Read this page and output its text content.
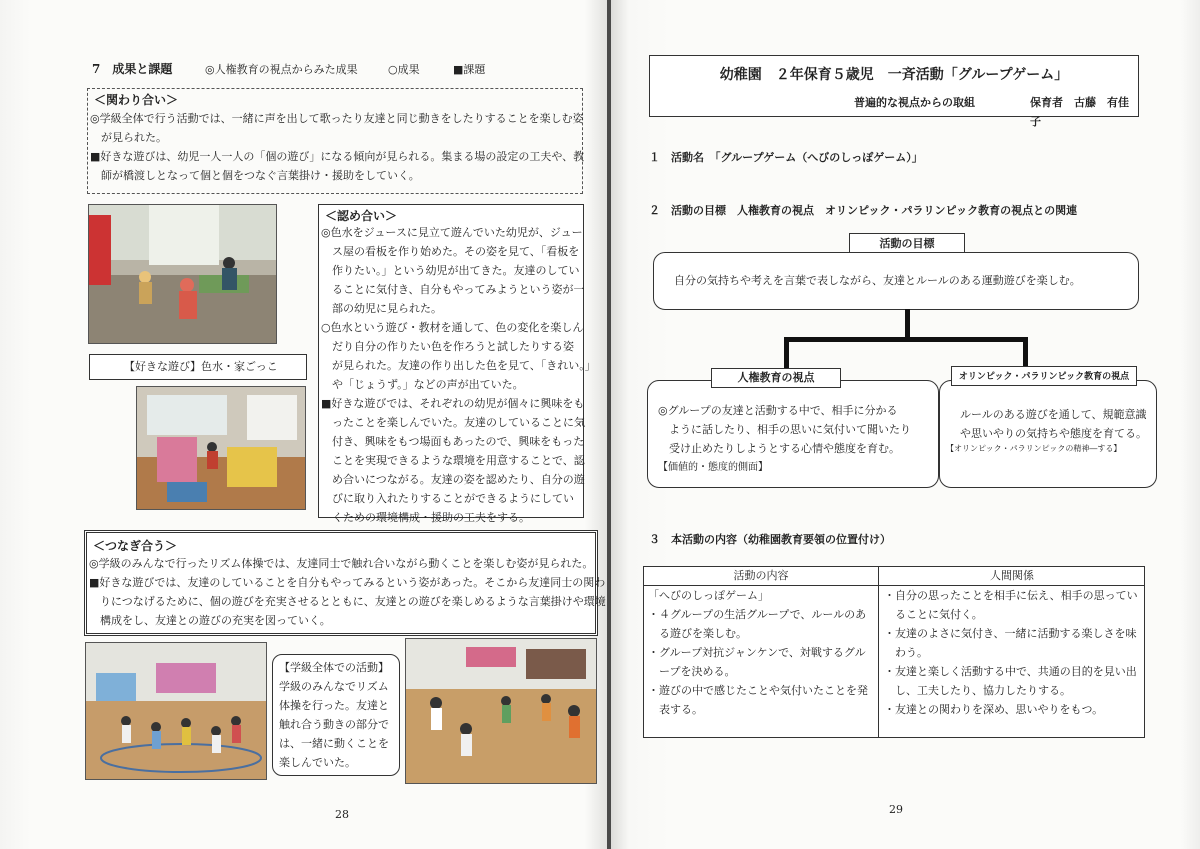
7　成果と課題	◎人権教育の視点からみた成果	○成果	■課題
＜関わり合い＞
◎学級全体で行う活動では、一緒に声を出して歌ったり友達と同じ動きをしたりすることを楽しむ姿
　が見られた。
■好きな遊びは、幼児一人一人の「個の遊び」になる傾向が見られる。集まる場の設定の工夫や、教
　師が橋渡しとなって個と個をつなぐ言葉掛け・援助をしていく。
【好きな遊び】色水・家ごっこ
＜認め合い＞
◎色水をジュースに見立て遊んでいた幼児が、ジュー
　ス屋の看板を作り始めた。その姿を見て、「看板を
　作りたい。」という幼児が出てきた。友達のしてい
　ることに気付き、自分もやってみようという姿が一
　部の幼児に見られた。
○色水という遊び・教材を通して、色の変化を楽しん
　だり自分の作りたい色を作ろうと試したりする姿
　が見られた。友達の作り出した色を見て、「きれい。」
　や「じょうず。」などの声が出ていた。
■好きな遊びでは、それぞれの幼児が個々に興味をも
　ったことを楽しんでいた。友達のしていることに気
　付き、興味をもつ場面もあったので、興味をもった
　ことを実現できるような環境を用意することで、認
　め合いにつながる。友達の姿を認めたり、自分の遊
　びに取り入れたりすることができるようにしてい
　くための環境構成・援助の工夫をする。
＜つなぎ合う＞
◎学級のみんなで行ったリズム体操では、友達同士で触れ合いながら動くことを楽しむ姿が見られた。
■好きな遊びでは、友達のしていることを自分もやってみるという姿があった。そこから友達同士の関わ
　りにつなげるために、個の遊びを充実させるとともに、友達との遊びを楽しめるような言葉掛けや環境
　構成をし、友達との遊びの充実を図っていく。
【学級全体での活動】
学級のみんなでリズム
体操を行った。友達と
触れ合う動きの部分で
は、一緒に動くことを
楽しんでいた。
28
幼稚園　２年保育５歳児　一斉活動「グループゲーム」
普遍的な視点からの取組	保育者　古藤　有佳子
１　活動名　「グループゲーム（へびのしっぽゲーム）」
２　活動の目標　人権教育の視点　オリンピック・パラリンピック教育の視点との関連
活動の目標
自分の気持ちや考えを言葉で表しながら、友達とルールのある運動遊びを楽しむ。
◎グループの友達と活動する中で、相手に分かる
　ように話したり、相手の思いに気付いて聞いたり
　受け止めたりしようとする心情や態度を育む。
【価値的・態度的側面】
人権教育の視点
ルールのある遊びを通して、規範意識
や思いやりの気持ちや態度を育てる。
【オリンピック・パラリンピックの精神―する】
オリンピック・パラリンピック教育の視点
３　本活動の内容（幼稚園教育要領の位置付け）
活動の内容	人間関係
「へびのしっぽゲーム」
・４グループの生活グループで、ルールのあ
　る遊びを楽しむ。
・グループ対抗ジャンケンで、対戦するグル
　ープを決める。
・遊びの中で感じたことや気付いたことを発
　表する。
・自分の思ったことを相手に伝え、相手の思ってい
　ることに気付く。
・友達のよさに気付き、一緒に活動する楽しさを味
　わう。
・友達と楽しく活動する中で、共通の目的を見い出
　し、工夫したり、協力したりする。
・友達との関わりを深め、思いやりをもつ。
29
